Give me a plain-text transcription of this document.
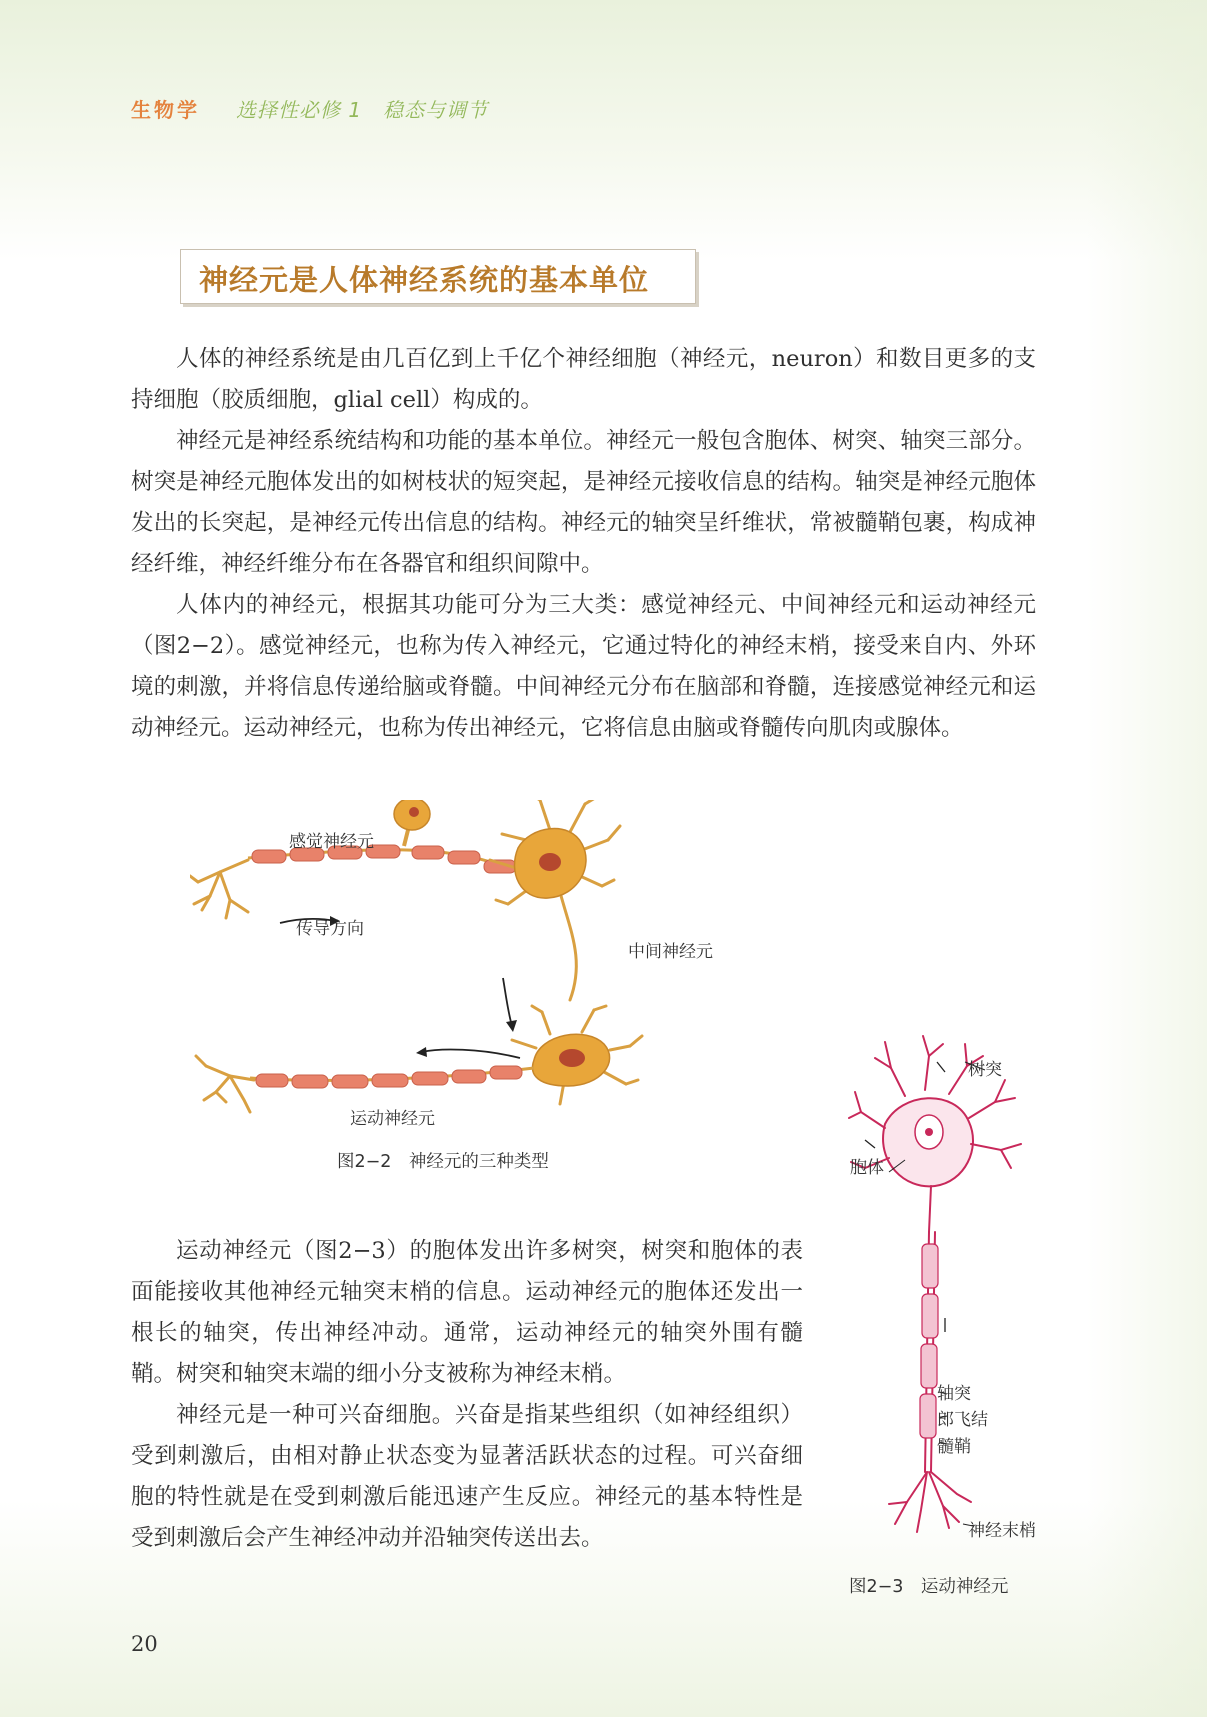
生物学 选择性必修 1　稳态与调节
神经元是人体神经系统的基本单位

人体的神经系统是由几百亿到上千亿个神经细胞（神经元，neuron）和数目更多的支持细胞（胶质细胞，glial cell）构成的。

神经元是神经系统结构和功能的基本单位。神经元一般包含胞体、树突、轴突三部分。树突是神经元胞体发出的如树枝状的短突起，是神经元接收信息的结构。轴突是神经元胞体发出的长突起，是神经元传出信息的结构。神经元的轴突呈纤维状，常被髓鞘包裹，构成神经纤维，神经纤维分布在各器官和组织间隙中。

人体内的神经元，根据其功能可分为三大类：感觉神经元、中间神经元和运动神经元（图2−2）。感觉神经元，也称为传入神经元，它通过特化的神经末梢，接受来自内、外环境的刺激，并将信息传递给脑或脊髓。中间神经元分布在脑部和脊髓，连接感觉神经元和运动神经元。运动神经元，也称为传出神经元，它将信息由脑或脊髓传向肌肉或腺体。

感觉神经元
传导方向
中间神经元
运动神经元
图2−2　神经元的三种类型

运动神经元（图2−3）的胞体发出许多树突，树突和胞体的表面能接收其他神经元轴突末梢的信息。运动神经元的胞体还发出一根长的轴突，传出神经冲动。通常，运动神经元的轴突外围有髓鞘。树突和轴突末端的细小分支被称为神经末梢。

神经元是一种可兴奋细胞。兴奋是指某些组织（如神经组织）受到刺激后，由相对静止状态变为显著活跃状态的过程。可兴奋细胞的特性就是在受到刺激后能迅速产生反应。神经元的基本特性是受到刺激后会产生神经冲动并沿轴突传送出去。

树突
胞体
轴突
郎飞结
髓鞘
神经末梢
图2−3　运动神经元
20
